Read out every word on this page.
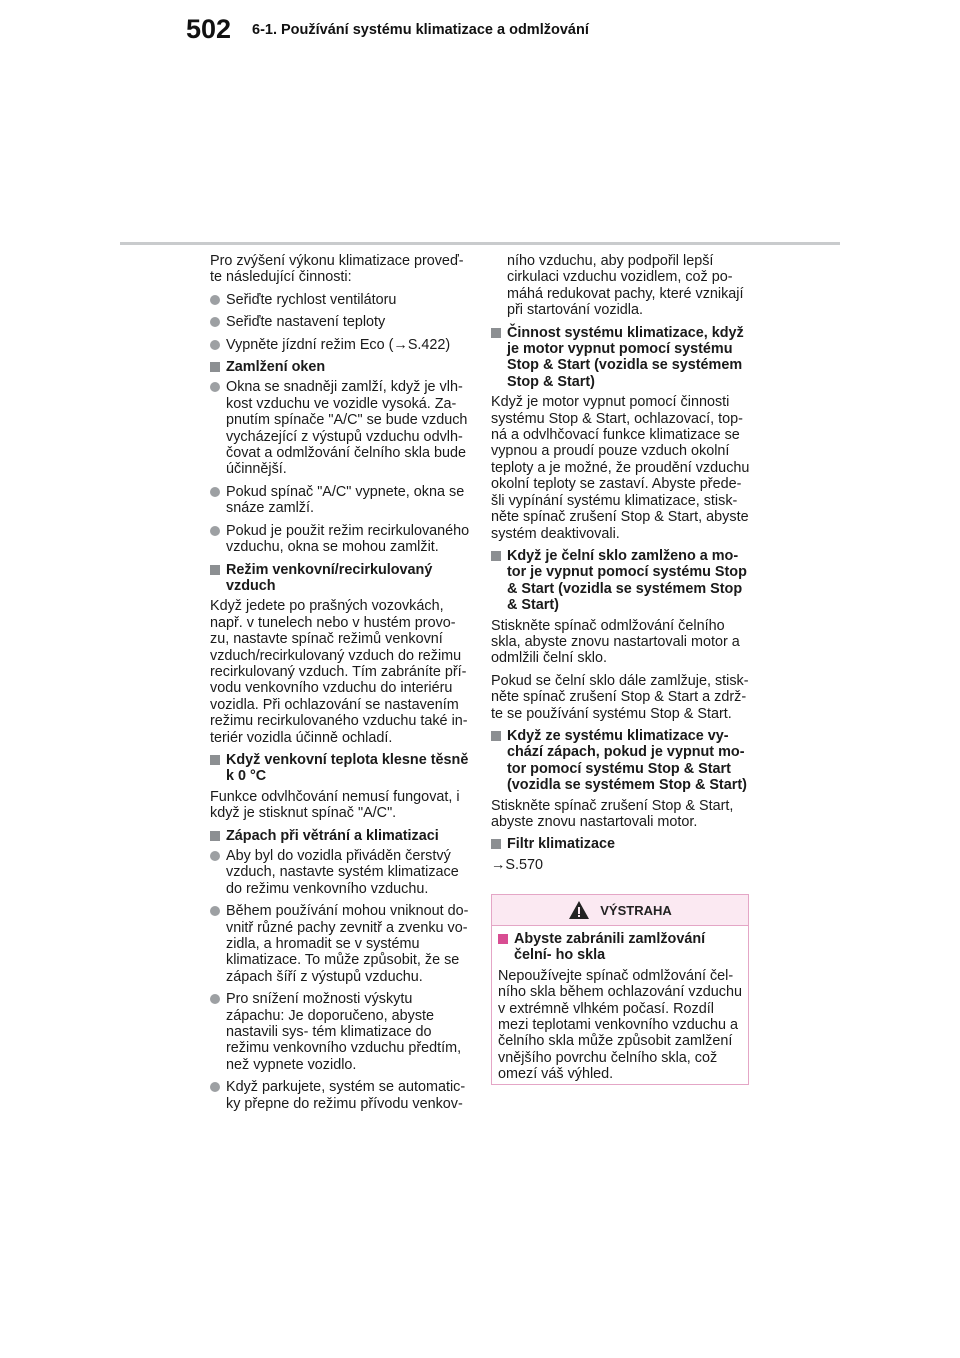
502 6-1. Používání systému klimatizace a odmlžování

Pro zvýšení výkonu klimatizace proveď- te následující činnosti:

Seřiďte rychlost ventilátoru

Seřiďte nastavení teploty

Vypněte jízdní režim Eco (→S.422)

Zamlžení oken

Okna se snadněji zamlží, když je vlh- kost vzduchu ve vozidle vysoká. Za- pnutím spínače "A/C" se bude vzduch vycházející z výstupů vzduchu odvlh- čovat a odmlžování čelního skla bude účinnější.

Pokud spínač "A/C" vypnete, okna se snáze zamlží.

Pokud je použit režim recirkulovaného vzduchu, okna se mohou zamlžit.

Režim venkovní/recirkulovaný vzduch

Když jedete po prašných vozovkách, např. v tunelech nebo v hustém provo- zu, nastavte spínač režimů venkovní vzduch/recirkulovaný vzduch do režimu recirkulovaný vzduch. Tím zabráníte pří- vodu venkovního vzduchu do interiéru vozidla. Při ochlazování se nastavením režimu recirkulovaného vzduchu také in- teriér vozidla účinně ochladí.

Když venkovní teplota klesne těsně k 0 °C

Funkce odvlhčování nemusí fungovat, i když je stisknut spínač "A/C".

Zápach při větrání a klimatizaci

Aby byl do vozidla přiváděn čerstvý vzduch, nastavte systém klimatizace do režimu venkovního vzduchu.

Během používání mohou vniknout do- vnitř různé pachy zevnitř a zvenku vo- zidla, a hromadit se v systému klimatizace. To může způsobit, že se zápach šíří z výstupů vzduchu.

Pro snížení možnosti výskytu zápachu: Je doporučeno, abyste nastavili sys- tém klimatizace do režimu venkovního vzduchu předtím, než vypnete vozidlo.

Když parkujete, systém se automatic- ky přepne do režimu přívodu venkov-

ního vzduchu, aby podpořil lepší cirkulaci vzduchu vozidlem, což po- máhá redukovat pachy, které vznikají při startování vozidla.

Činnost systému klimatizace, když je motor vypnut pomocí systému Stop & Start (vozidla se systémem Stop & Start)

Když je motor vypnut pomocí činnosti systému Stop & Start, ochlazovací, top- ná a odvlhčovací funkce klimatizace se vypnou a proudí pouze vzduch okolní teploty a je možné, že proudění vzduchu okolní teploty se zastaví. Abyste přede- šli vypínání systému klimatizace, stisk- něte spínač zrušení Stop & Start, abyste systém deaktivovali.

Když je čelní sklo zamlženo a mo- tor je vypnut pomocí systému Stop & Start (vozidla se systémem Stop & Start)

Stiskněte spínač odmlžování čelního skla, abyste znovu nastartovali motor a odmlžili čelní sklo.

Pokud se čelní sklo dále zamlžuje, stisk- něte spínač zrušení Stop & Start a zdrž- te se používání systému Stop & Start.

Když ze systému klimatizace vy- chází zápach, pokud je vypnut mo- tor pomocí systému Stop & Start (vozidla se systémem Stop & Start)

Stiskněte spínač zrušení Stop & Start, abyste znovu nastartovali motor.

Filtr klimatizace

→S.570

VÝSTRAHA

Abyste zabránili zamlžování čelní- ho skla

Nepoužívejte spínač odmlžování čel- ního skla během ochlazování vzduchu v extrémně vlhkém počasí. Rozdíl mezi teplotami venkovního vzduchu a čelního skla může způsobit zamlžení vnějšího povrchu čelního skla, což omezí váš výhled.
